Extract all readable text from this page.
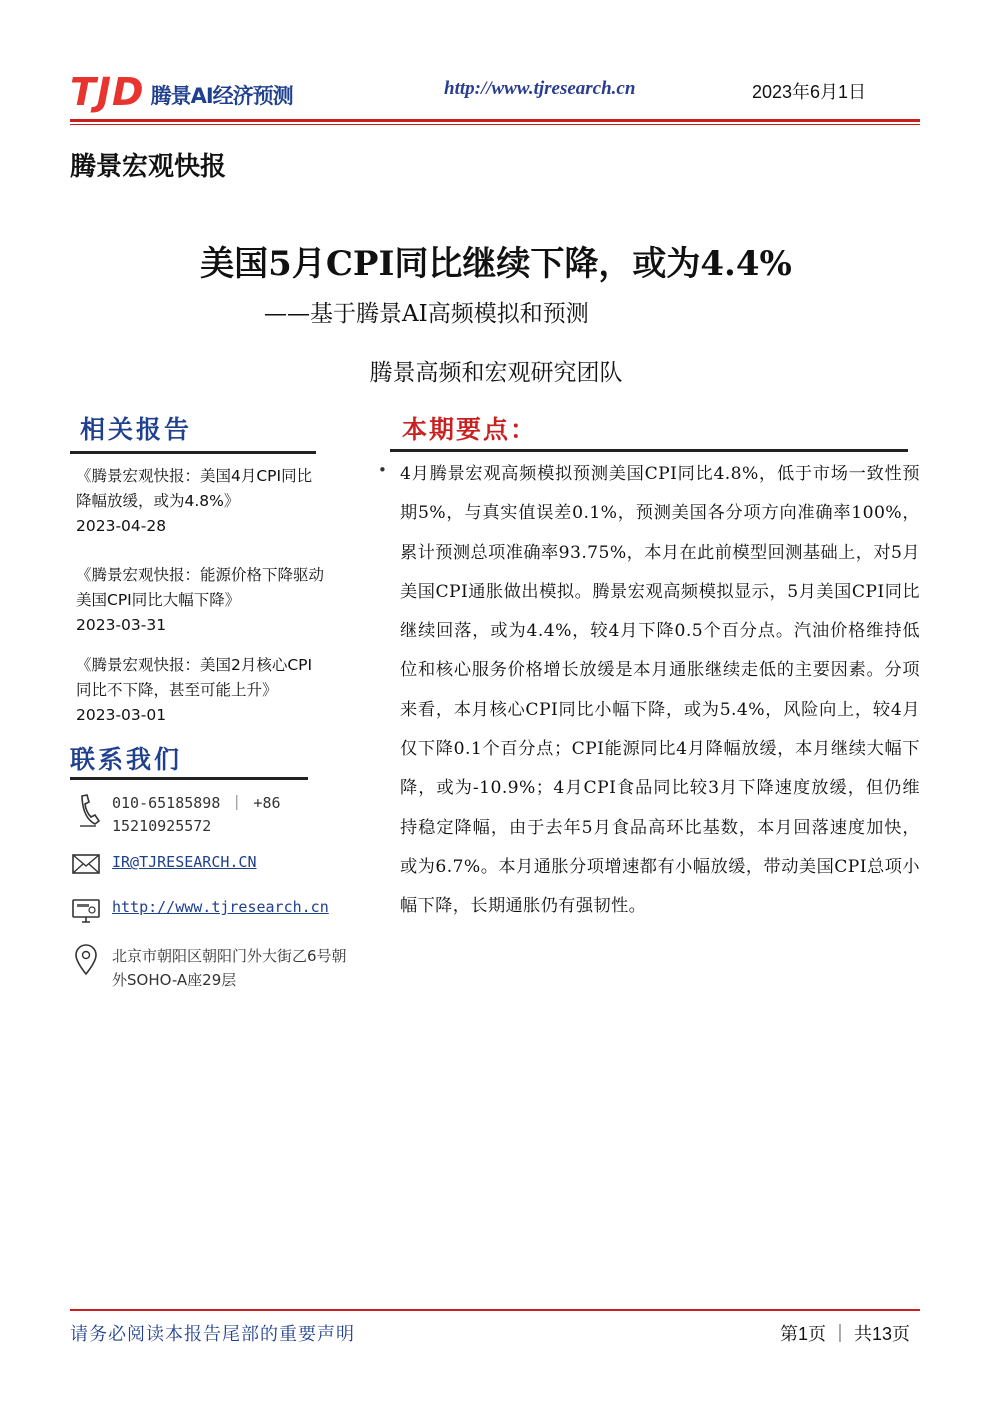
TJD 腾景AI经济预测	http://www.tjresearch.cn	2023年6月1日
腾景宏观快报
美国5月CPI同比继续下降，或为4.4%
——基于腾景AI高频模拟和预测
腾景高频和宏观研究团队
相关报告
《腾景宏观快报：美国4月CPI同比降幅放缓，或为4.8%》
2023-04-28
《腾景宏观快报：能源价格下降驱动美国CPI同比大幅下降》
2023-03-31
《腾景宏观快报：美国2月核心CPI同比不下降，甚至可能上升》
2023-03-01
联系我们
010-65185898 ｜ +86 15210925572
IR@TJRESEARCH.CN
http://www.tjresearch.cn
北京市朝阳区朝阳门外大街乙6号朝外SOHO-A座29层
本期要点：
• 4月腾景宏观高频模拟预测美国CPI同比4.8%，低于市场一致性预期5%，与真实值误差0.1%，预测美国各分项方向准确率100%，累计预测总项准确率93.75%，本月在此前模型回测基础上，对5月美国CPI通胀做出模拟。腾景宏观高频模拟显示，5月美国CPI同比继续回落，或为4.4%，较4月下降0.5个百分点。汽油价格维持低位和核心服务价格增长放缓是本月通胀继续走低的主要因素。分项来看，本月核心CPI同比小幅下降，或为5.4%，风险向上，较4月仅下降0.1个百分点；CPI能源同比4月降幅放缓，本月继续大幅下降，或为-10.9%；4月CPI食品同比较3月下降速度放缓，但仍维持稳定降幅，由于去年5月食品高环比基数，本月回落速度加快，或为6.7%。本月通胀分项增速都有小幅放缓，带动美国CPI总项小幅下降，长期通胀仍有强韧性。
请务必阅读本报告尾部的重要声明	第1页 ｜ 共13页
